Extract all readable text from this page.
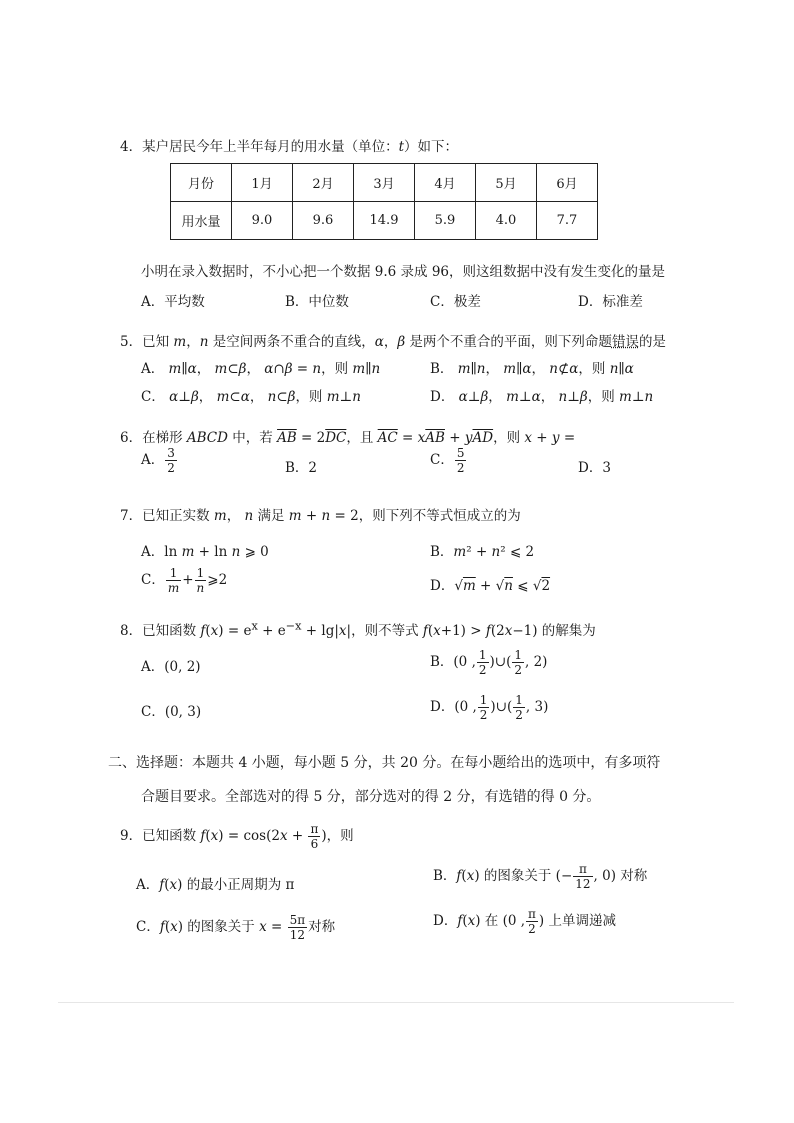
4．某户居民今年上半年每月的用水量（单位：t）如下：
月份	1月	2月	3月	4月	5月	6月
用水量	9.0	9.6	14.9	5.9	4.0	7.7
小明在录入数据时，不小心把一个数据 9.6 录成 96，则这组数据中没有发生变化的量是
A．平均数	B．中位数	C．极差	D．标准差
5．已知 m，n 是空间两条不重合的直线，α，β 是两个不重合的平面，则下列命题错误的是
A． m∥α， m⊂β， α∩β = n，则 m∥n	B． m∥n， m∥α， n⊄α，则 n∥α
C． α⊥β， m⊂α， n⊂β，则 m⊥n	D． α⊥β， m⊥α， n⊥β，则 m⊥n
6．在梯形 ABCD 中，若 $\overline{AB} = 2\overline{DC}$，且 $\overline{AC} = x\overline{AB} + y\overline{AD}$，则 x + y =
A． $\frac{3}{2}$	B．2	C． $\frac{5}{2}$	D．3
7．已知正实数 m， n 满足 m + n = 2，则下列不等式恒成立的为
A．ln m + ln n ⩾ 0	B．m² + n² ⩽ 2
C． $\frac{1}{m} + \frac{1}{n}$ ⩾2	D．√m + √n ⩽ √2
8．已知函数 $f(x) = e^x + e^{-x} + \lg|x|$，则不等式 f(x+1) > f(2x−1) 的解集为
A．(0, 2)	B．(0 , $\frac{1}{2}$ )∪( $\frac{1}{2}$ , 2)
C．(0, 3)	D．(0 , $\frac{1}{2}$ )∪( $\frac{1}{2}$ , 3)
二、选择题：本题共 4 小题，每小题 5 分，共 20 分。在每小题给出的选项中，有多项符
合题目要求。全部选对的得 5 分，部分选对的得 2 分，有选错的得 0 分。
9．已知函数 $f(x) = \cos(2x + \frac{\pi}{6}$ )，则
A．f(x) 的最小正周期为 π
B．f(x) 的图象关于 (− $\frac{\pi}{12}$ , 0) 对称
C．f(x) 的图象关于 $x = \frac{5\pi}{12}$ 对称	D．f(x) 在 (0 , $\frac{\pi}{2}$ ) 上单调递减
